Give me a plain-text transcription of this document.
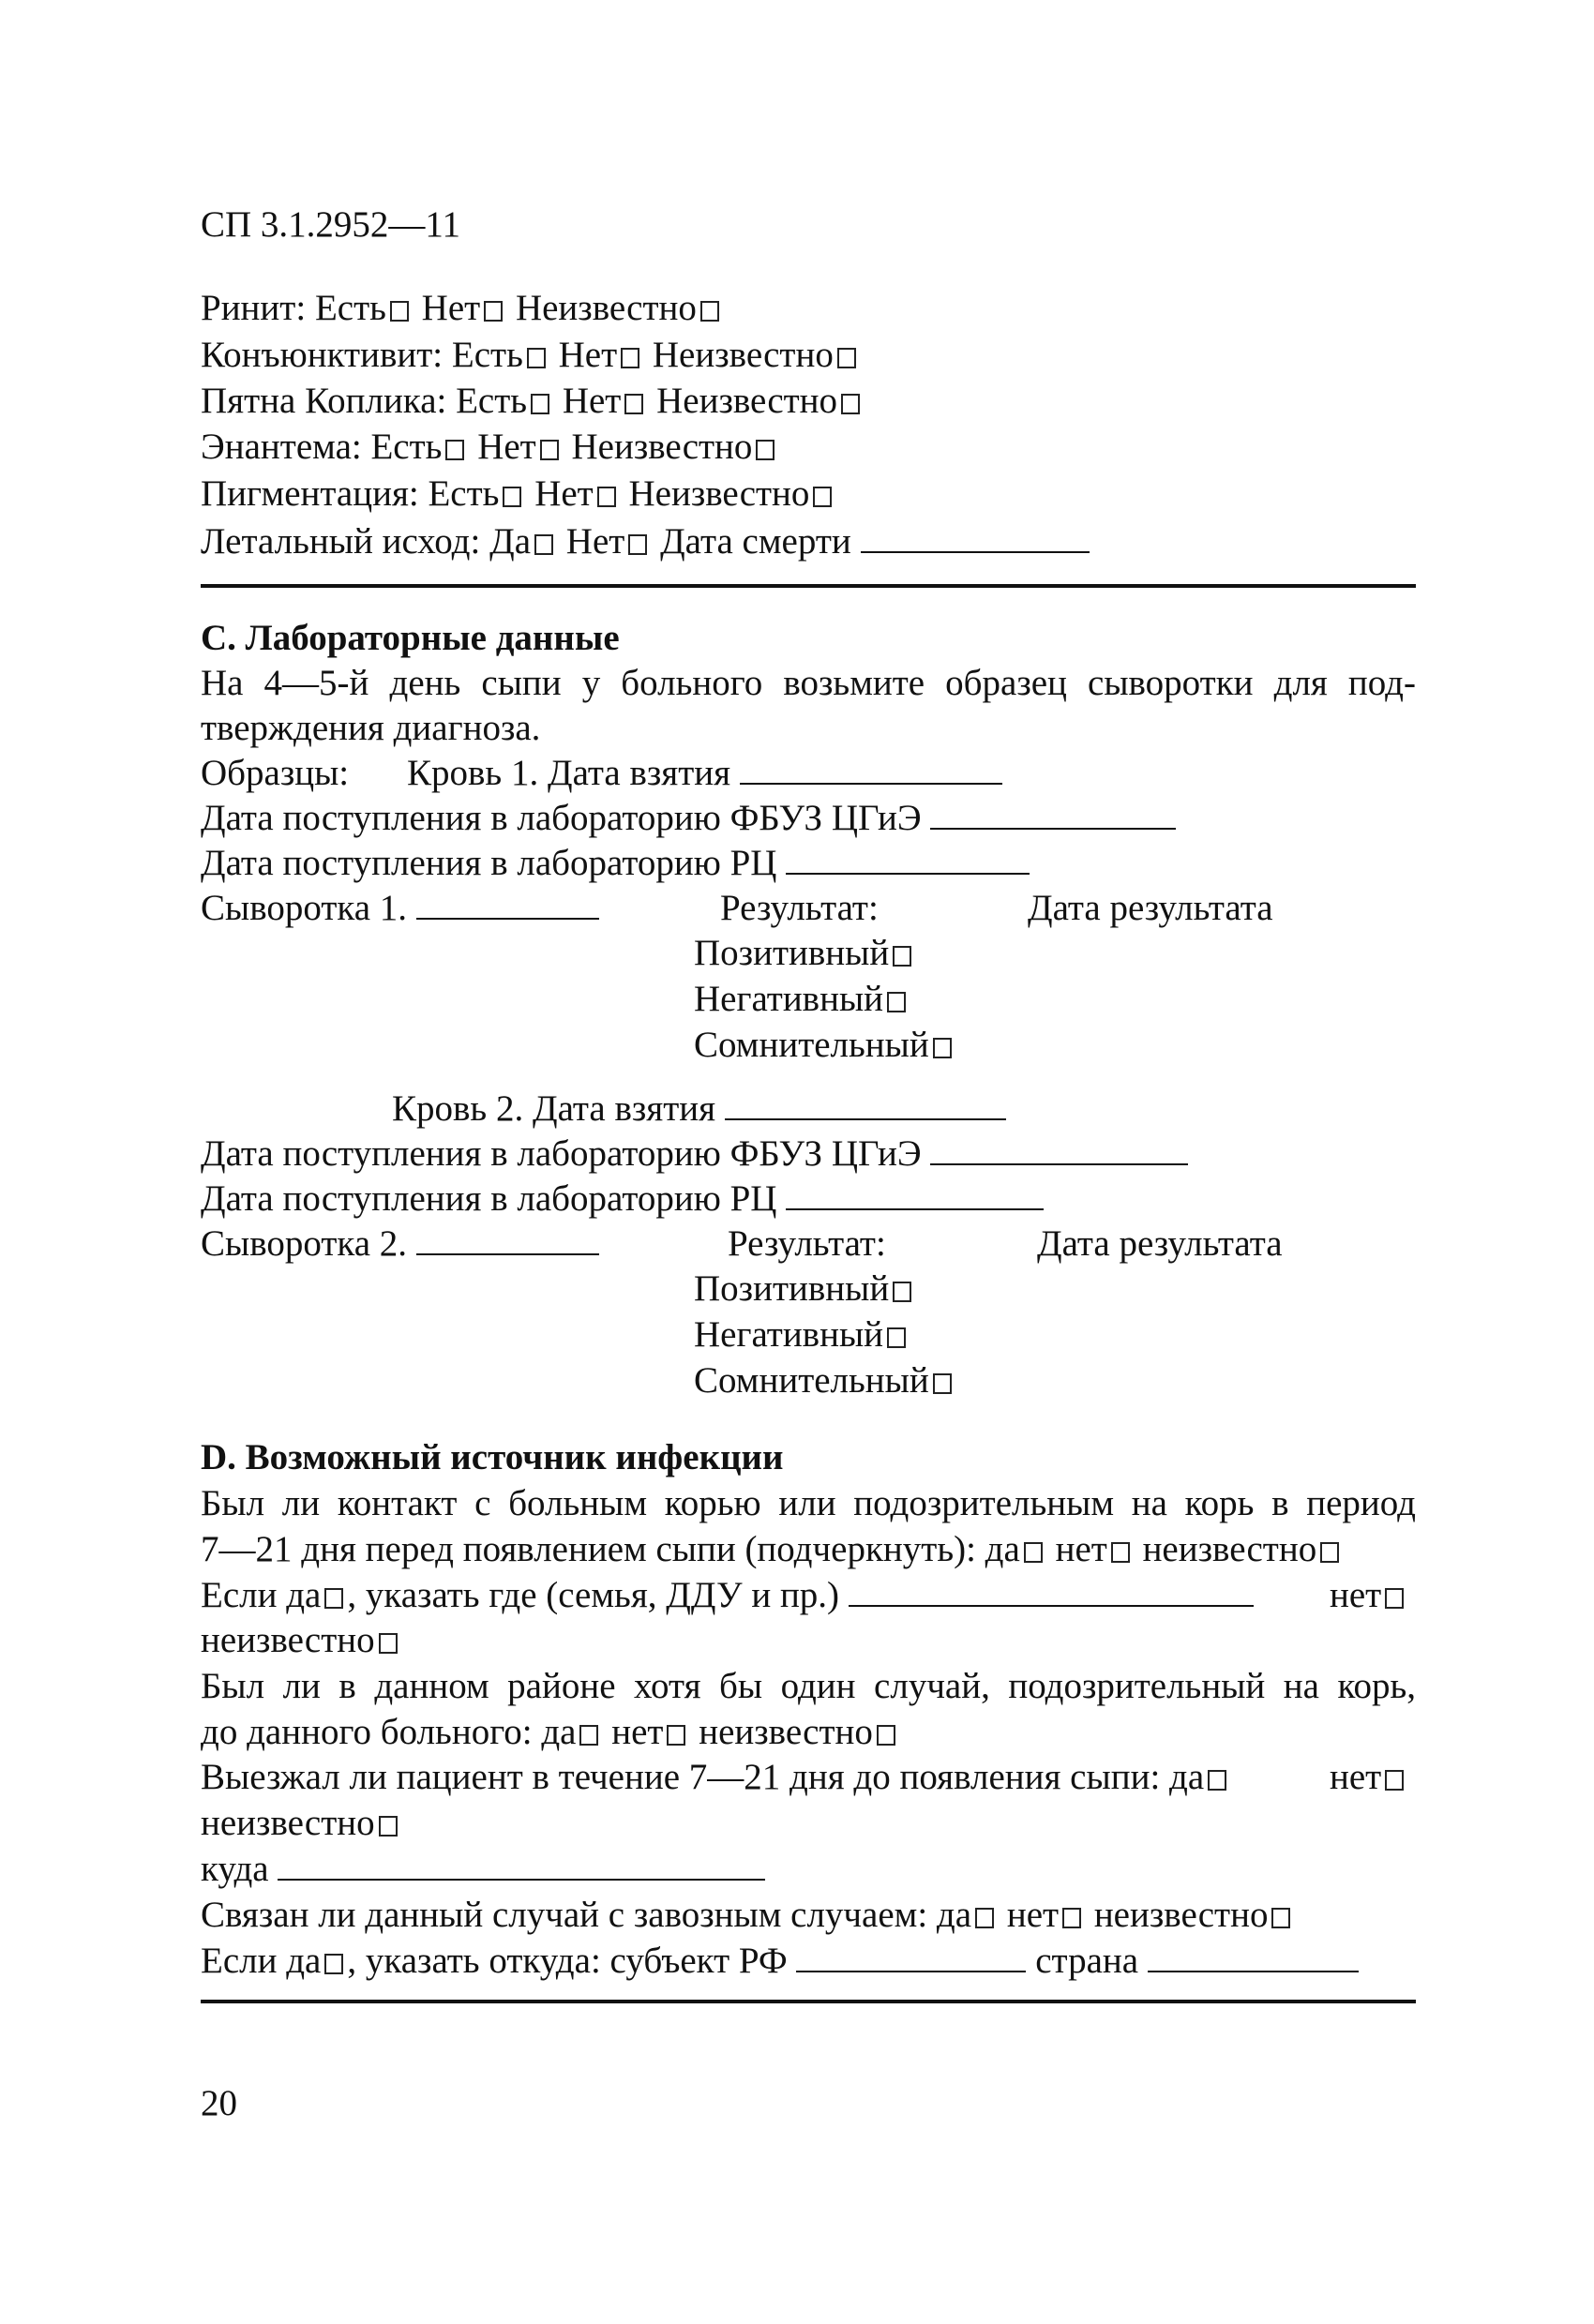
СП 3.1.2952—11
Ринит: Есть Нет Неизвестно
Конъюнктивит: Есть Нет Неизвестно
Пятна Коплика: Есть Нет Неизвестно
Энантема: Есть Нет Неизвестно
Пигментация: Есть Нет Неизвестно
Летальный исход: Да Нет Дата смерти
С. Лабораторные данные
На 4—5-й день сыпи у больного возьмите образец сыворотки для под-
тверждения диагноза.
Образцы: Кровь 1. Дата взятия
Дата поступления в лабораторию ФБУЗ ЦГиЭ
Дата поступления в лабораторию РЦ
Сыворотка 1.	Результат:	Дата результата
Позитивный
Негативный
Сомнительный
Кровь 2. Дата взятия
Дата поступления в лабораторию ФБУЗ ЦГиЭ
Дата поступления в лабораторию РЦ
Сыворотка 2.	Результат:	Дата результата
Позитивный
Негативный
Сомнительный
D. Возможный источник инфекции
Был ли контакт с больным корью или подозрительным на корь в период
7—21 дня перед появлением сыпи (подчеркнуть): да нет неизвестно
Если да , указать где (семья, ДДУ и пр.)	нет
неизвестно
Был ли в данном районе хотя бы один случай, подозрительный на корь,
до данного больного: да нет неизвестно
Выезжал ли пациент в течение 7—21 дня до появления сыпи: да	нет
неизвестно
куда
Связан ли данный случай с завозным случаем: да нет неизвестно
Если да , указать откуда: субъект РФ	страна
20
